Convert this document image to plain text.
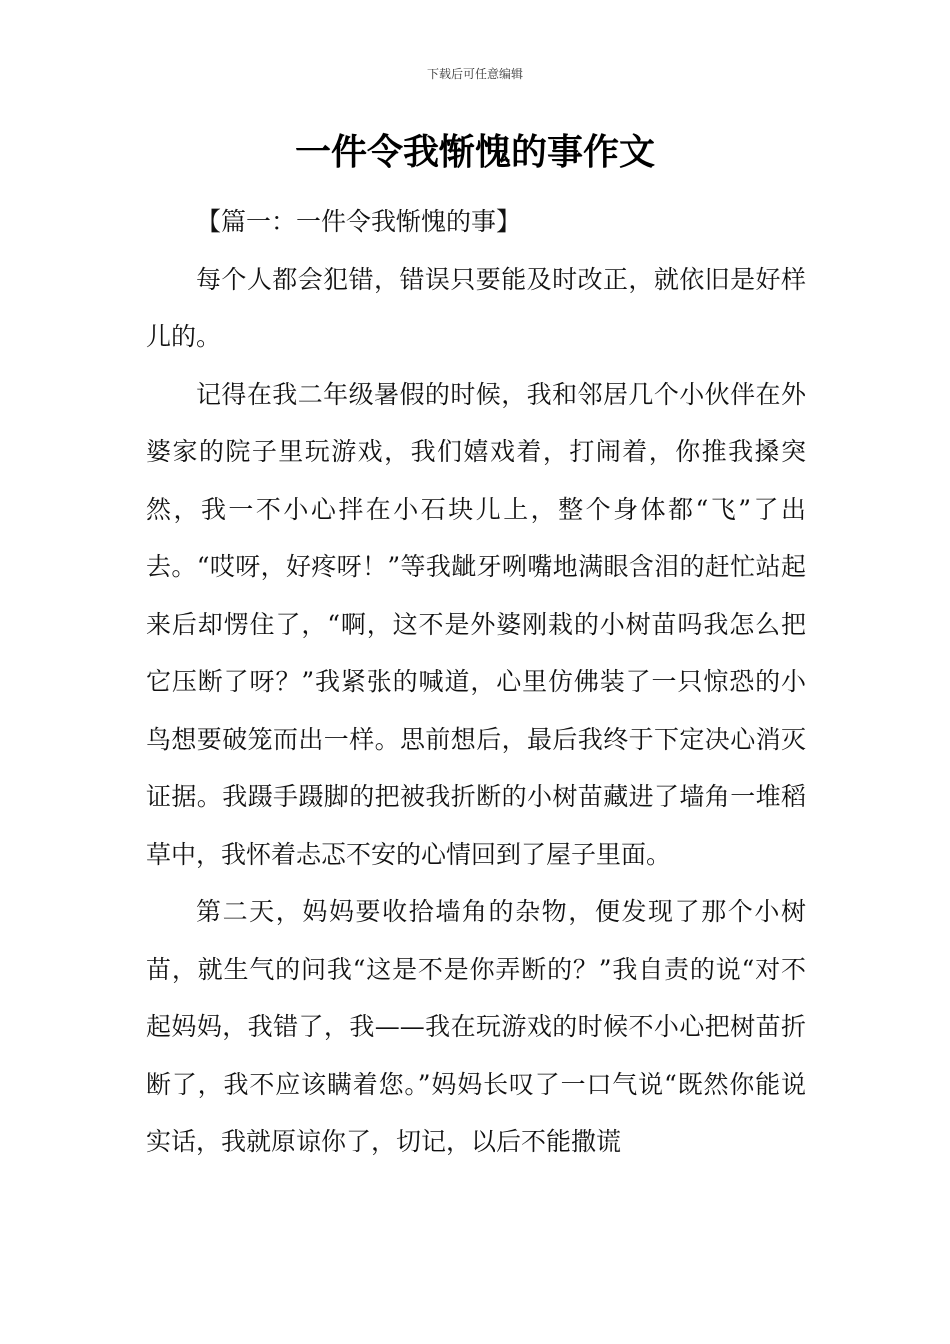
下载后可任意编辑
一件令我惭愧的事作文

【篇一：一件令我惭愧的事】

每个人都会犯错，错误只要能及时改正，就依旧是好样儿的。

记得在我二年级暑假的时候，我和邻居几个小伙伴在外婆家的院子里玩游戏，我们嬉戏着，打闹着，你推我搡突然，我一不小心拌在小石块儿上，整个身体都“飞”了出去。“哎呀，好疼呀！”等我龇牙咧嘴地满眼含泪的赶忙站起来后却愣住了，“啊，这不是外婆刚栽的小树苗吗我怎么把它压断了呀？”我紧张的喊道，心里仿佛装了一只惊恐的小鸟想要破笼而出一样。思前想后，最后我终于下定决心消灭证据。我蹑手蹑脚的把被我折断的小树苗藏进了墙角一堆稻草中，我怀着忐忑不安的心情回到了屋子里面。

第二天，妈妈要收拾墙角的杂物，便发现了那个小树苗，就生气的问我“这是不是你弄断的？”我自责的说“对不起妈妈，我错了，我——我在玩游戏的时候不小心把树苗折断了，我不应该瞒着您。”妈妈长叹了一口气说“既然你能说实话，我就原谅你了，切记，以后不能撒谎
